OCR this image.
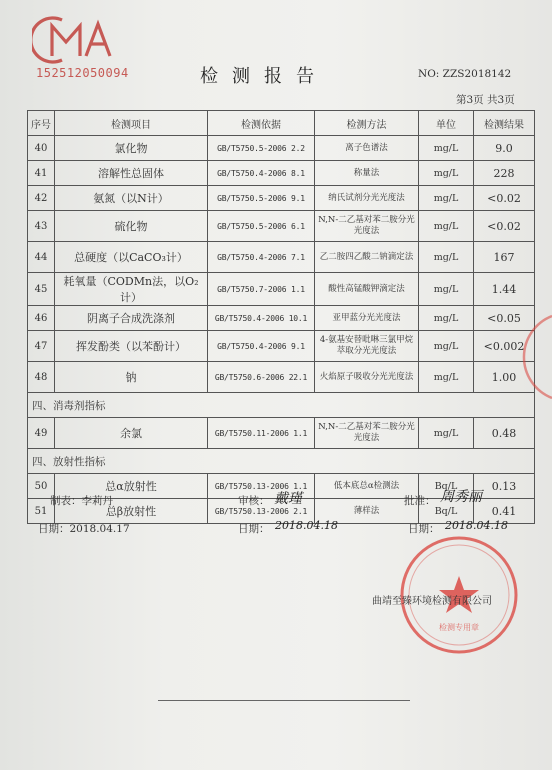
152512050094	检测报告	NO: ZZS2018142
第3页 共3页
序号	检测项目	检测依据	检测方法	单位	检测结果
40	氯化物	GB/T5750.5-2006 2.2	离子色谱法	mg/L	9.0
41	溶解性总固体	GB/T5750.4-2006 8.1	称量法	mg/L	228
42	氨氮（以N计）	GB/T5750.5-2006 9.1	纳氏试剂分光光度法	mg/L	<0.02
43	硫化物	GB/T5750.5-2006 6.1	N,N-二乙基对苯二胺分光光度法	mg/L	<0.02
44	总硬度（以CaCO₃计）	GB/T5750.4-2006 7.1	乙二胺四乙酸二钠滴定法	mg/L	167
45	耗氧量（CODMn法，以O₂计）	GB/T5750.7-2006 1.1	酸性高锰酸钾滴定法	mg/L	1.44
46	阴离子合成洗涤剂	GB/T5750.4-2006 10.1	亚甲蓝分光光度法	mg/L	<0.05
47	挥发酚类（以苯酚计）	GB/T5750.4-2006 9.1	4-氨基安替吡啉三氯甲烷萃取分光光度法	mg/L	<0.002
48	钠	GB/T5750.6-2006 22.1	火焰原子吸收分光光度法	mg/L	1.00
四、消毒剂指标					
49	余氯	GB/T5750.11-2006 1.1	N,N-二乙基对苯二胺分光光度法	mg/L	0.48
四、放射性指标					
50	总α放射性	GB/T5750.13-2006 1.1	低本底总α检测法	Bq/L	0.13
51	总β放射性	GB/T5750.13-2006 2.1	薄样法	Bq/L	0.41
制表：李莉丹	审核： 戴瑾	批准： 周秀丽
日期：2018.04.17	日期： 2018.04.18	日期： 2018.04.18
检测专用章
曲靖至臻环境检测有限公司
